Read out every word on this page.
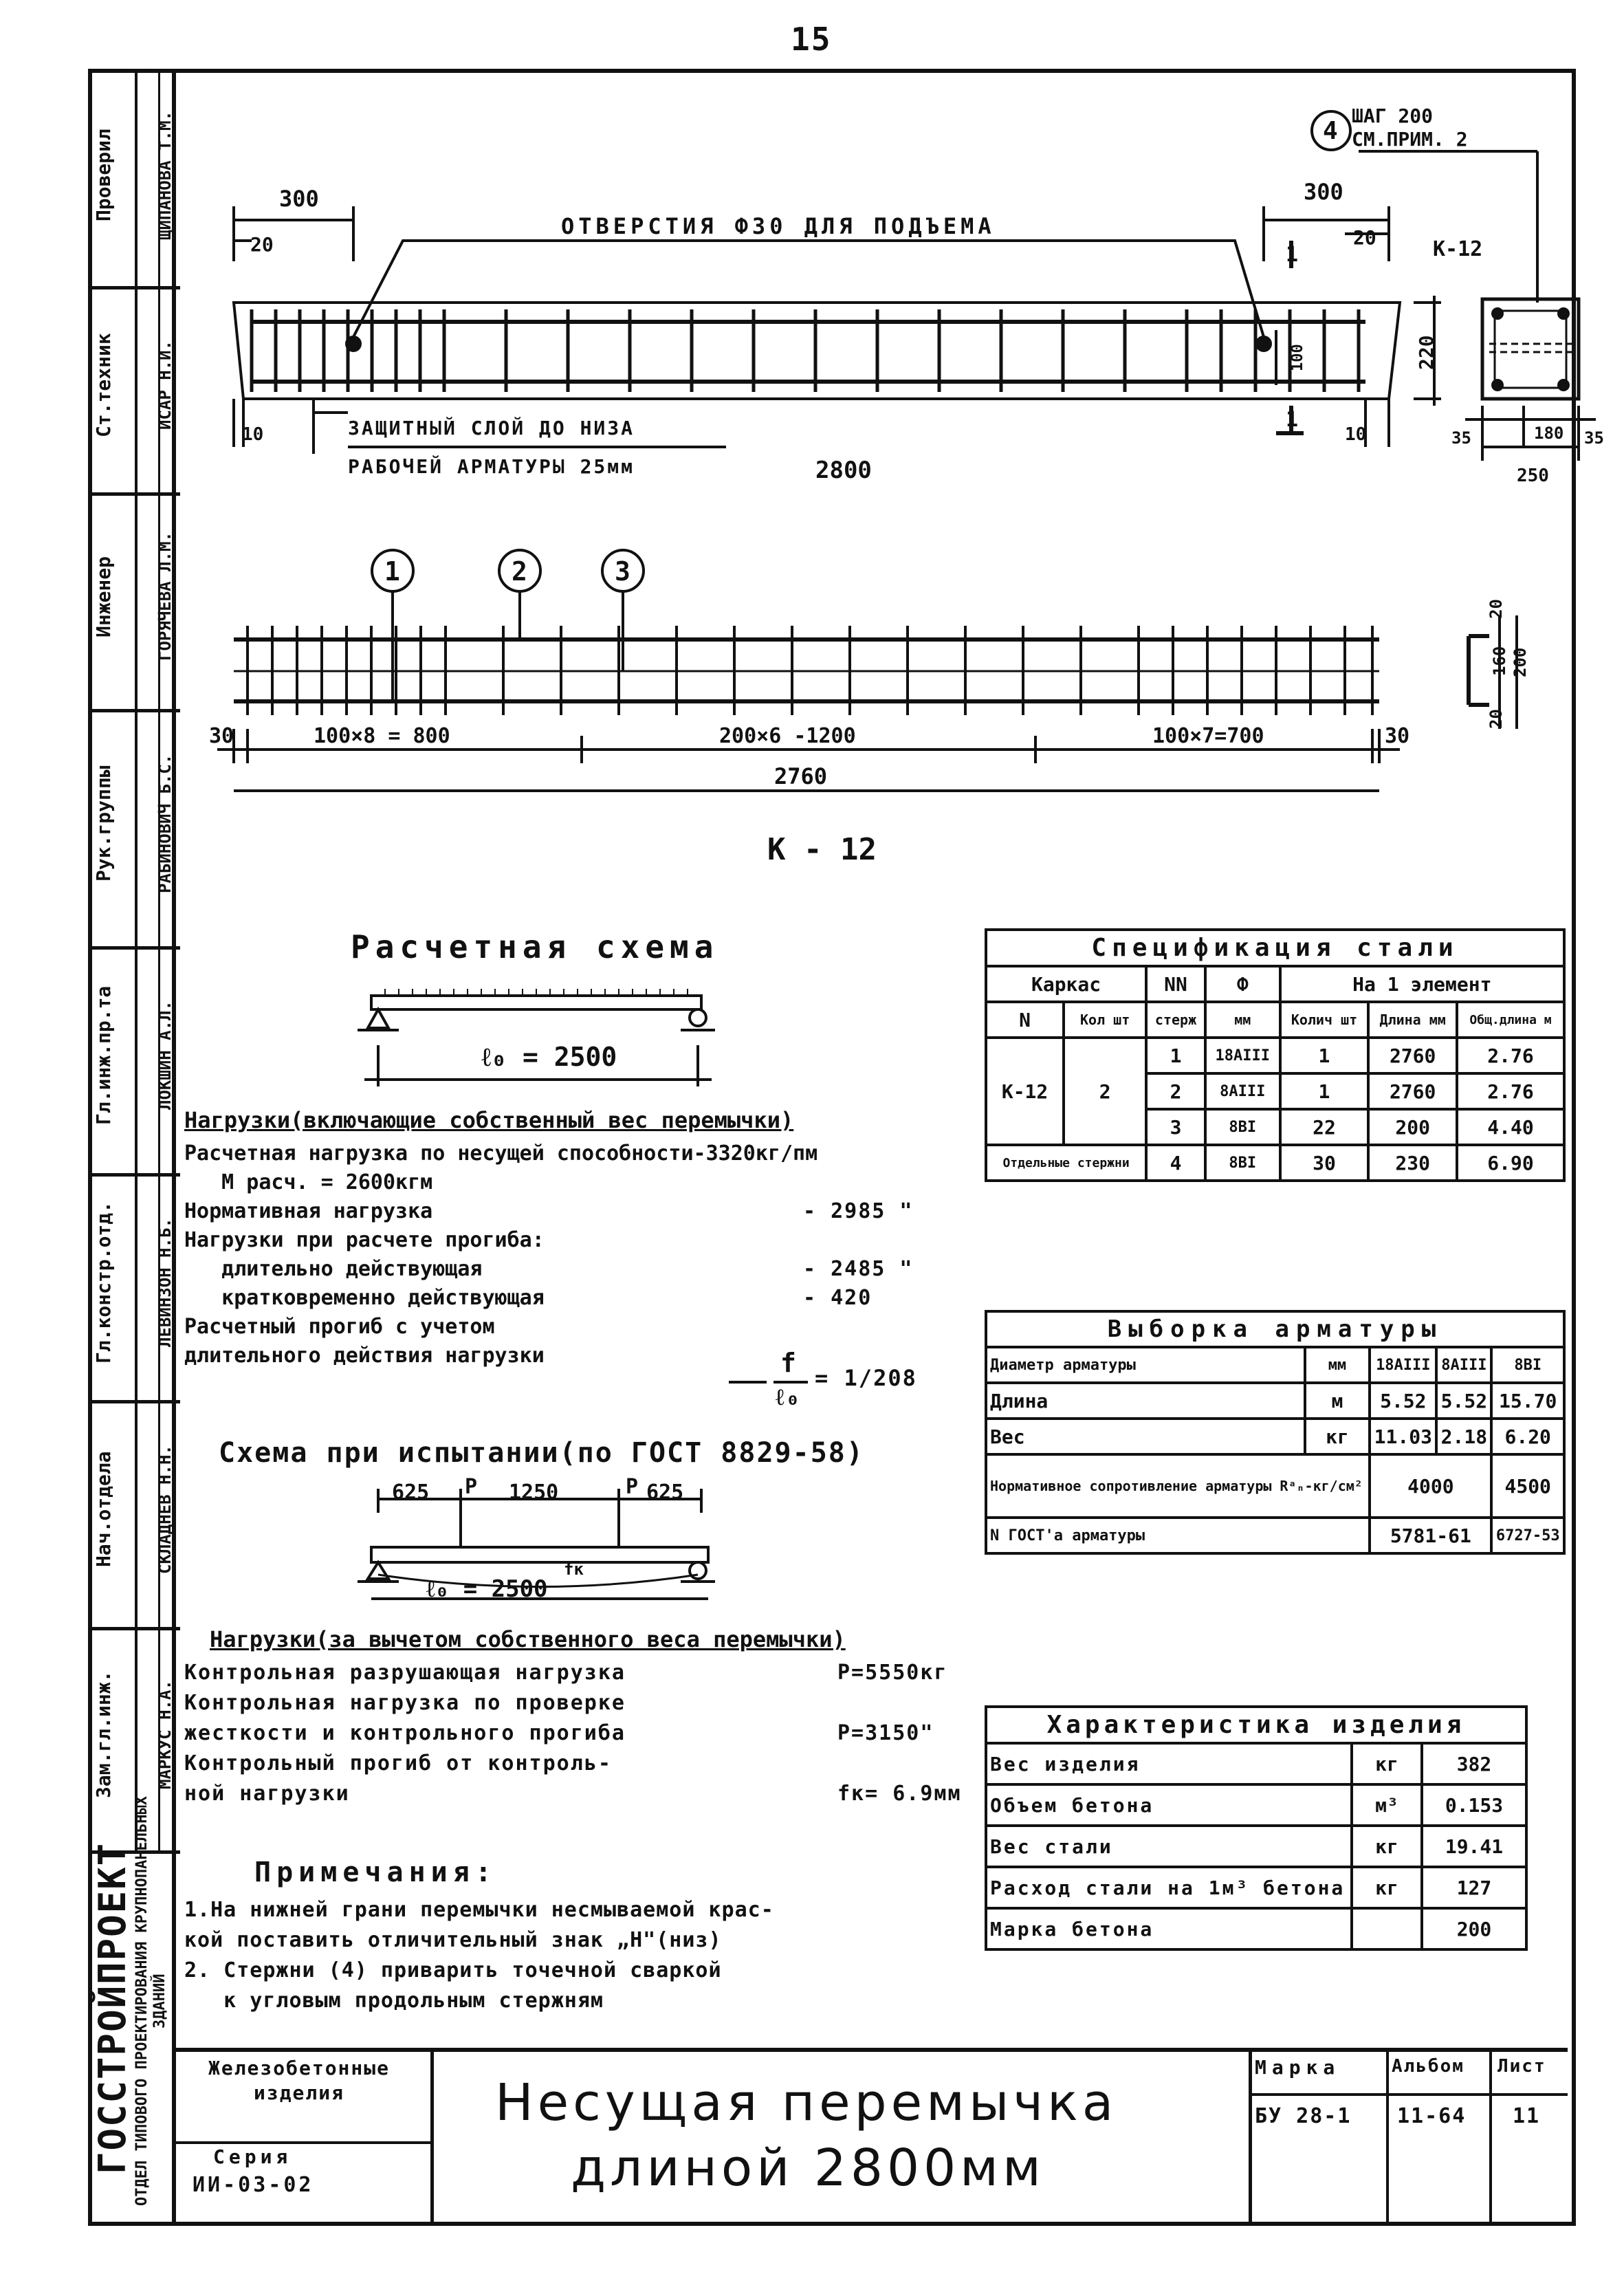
15
Проверил ЩИПАНОВА Т.М.
Ст.техник ИСАР Н.И.
Инженер ГОРЯЧЕВА Л.М.
Рук.группы РАБИНОВИЧ Б.С.
Гл.инж.пр.та ЛОКШИН А.Л.
Гл.констр.отд. ЛЕВИНЗОН Н.Б.
Нач.отдела СКЛАДНЕВ Н.Н.
Зам.гл.инж. МАРКУС Н.А.
ГОССТРОЙПРОЕКТ ОТДЕЛ ТИПОВОГО ПРОЕКТИРОВАНИЯ КРУПНОПАНЕЛЬНЫХ ЗДАНИЙ
4
ШАГ 200
СМ.ПРИМ. 2
300
20
ОТВЕРСТИЯ Ф30 ДЛЯ ПОДЪЕМА
300
20
1
1
100	220
К-12
10	10
ЗАЩИТНЫЙ СЛОЙ ДО НИЗА
РАБОЧЕЙ АРМАТУРЫ 25мм	2800
35	180 35
250
1	2	3
30	100×8 = 800	200×6 -1200	100×7=700	30
2760
К - 12
20
160 200
20
Расчетная схема
ℓ₀ = 2500
Нагрузки(включающие собственный вес перемычки)
Расчетная нагрузка по несущей способности-3320кг/пм
М расч. = 2600кгм
Нормативная нагрузка	- 2985 "
Нагрузки при расчете прогиба:
длительно действующая	- 2485 "
кратковременно действующая	- 420
Расчетный прогиб с учетом
длительного действия нагрузки	f
ℓ₀
= 1/208
Схема при испытании(по ГОСТ 8829-58)
625 P 1250	P 625
ℓ₀ = 2500
fк
Нагрузки(за вычетом собственного веса перемычки)
Контрольная разрушающая нагрузка	P=5550кг
Контрольная нагрузка по проверке
жесткости и контрольного прогиба	P=3150"
Контрольный прогиб от контроль-
ной нагрузки	fк= 6.9мм
Примечания:
1.На нижней грани перемычки несмываемой крас-
кой поставить отличительный знак „Н"(низ)
2. Стержни (4) приварить точечной сваркой
к угловым продольным стержням
Спецификация стали
Каркас		NN	Ф	На 1 элемент		
N	Кол шт	стерж	мм	Колич шт	Длина мм	Общ.длина м
К-12	2	1	18АIII	1	2760	2.76
		2	8АIII	1	2760	2.76
		3	8ВI	22	200	4.40
Отдельные стержни		4	8ВI	30	230	6.90
Выборка арматуры
Диаметр арматуры	мм	18АIII	8АIII	8ВI
Длина	м	5.52	5.52	15.70
Вес	кг	11.03	2.18	6.20
Нормативное сопротивление арматуры Rᵃₙ-кг/см²		4000		4500
N ГОСТ'а арматуры		5781-61		6727-53
Характеристика изделия
Вес изделия	кг	382
Объем бетона	м³	0.153
Вес стали	кг	19.41
Расход стали на 1м³ бетона	кг	127
Марка бетона		200
Железобетонные изделия
Серия
ИИ-03-02
Несущая перемычка
длиной 2800мм
Марка
БУ 28-1
Альбом
11-64
Лист
11
